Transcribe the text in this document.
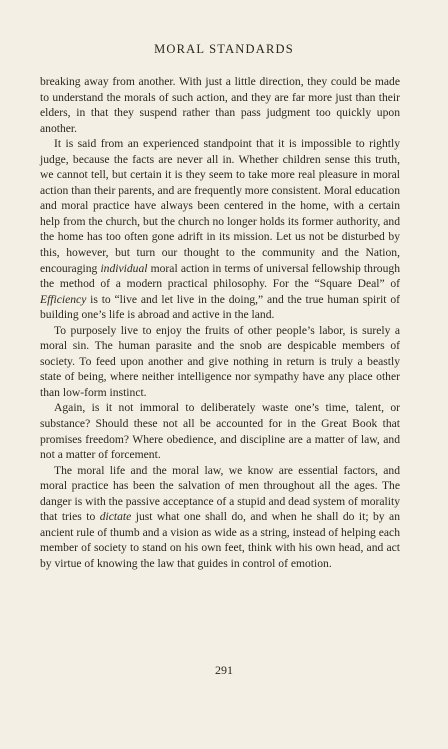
MORAL STANDARDS

breaking away from another. With just a little direction, they could be made to understand the morals of such action, and they are far more just than their elders, in that they suspend rather than pass judgment too quickly upon another.

It is said from an experienced standpoint that it is impossible to rightly judge, because the facts are never all in. Whether children sense this truth, we cannot tell, but certain it is they seem to take more real pleasure in moral action than their parents, and are frequently more consistent. Moral education and moral practice have always been centered in the home, with a certain help from the church, but the church no longer holds its former authority, and the home has too often gone adrift in its mission. Let us not be disturbed by this, however, but turn our thought to the community and the Nation, encouraging individual moral action in terms of universal fellowship through the method of a modern practical philosophy. For the “Square Deal” of Efficiency is to “live and let live in the doing,” and the true human spirit of building one’s life is abroad and active in the land.

To purposely live to enjoy the fruits of other people’s labor, is surely a moral sin. The human parasite and the snob are despicable members of society. To feed upon another and give nothing in return is truly a beastly state of being, where neither intelligence nor sympathy have any place other than low-form instinct.

Again, is it not immoral to deliberately waste one’s time, talent, or substance? Should these not all be accounted for in the Great Book that promises freedom? Where obedience, and discipline are a matter of law, and not a matter of forcement.

The moral life and the moral law, we know are essential factors, and moral practice has been the salvation of men throughout all the ages. The danger is with the passive acceptance of a stupid and dead system of morality that tries to dictate just what one shall do, and when he shall do it; by an ancient rule of thumb and a vision as wide as a string, instead of helping each member of society to stand on his own feet, think with his own head, and act by virtue of knowing the law that guides in control of emotion.

291
